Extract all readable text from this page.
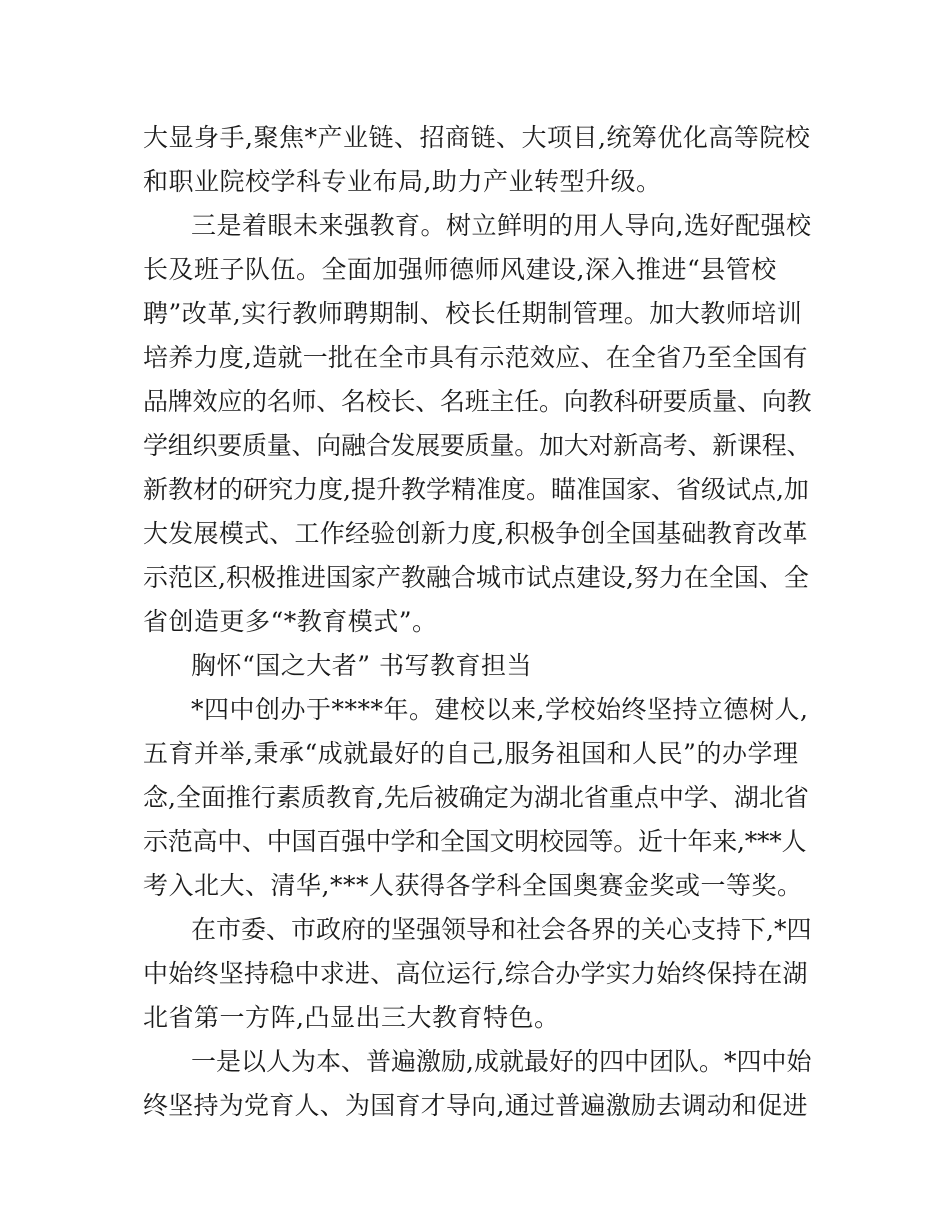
大显身手,聚焦*产业链、招商链、大项目,统筹优化高等院校
和职业院校学科专业布局,助力产业转型升级。
三是着眼未来强教育。树立鲜明的用人导向,选好配强校
长及班子队伍。全面加强师德师风建设,深入推进“县管校
聘”改革,实行教师聘期制、校长任期制管理。加大教师培训
培养力度,造就一批在全市具有示范效应、在全省乃至全国有
品牌效应的名师、名校长、名班主任。向教科研要质量、向教
学组织要质量、向融合发展要质量。加大对新高考、新课程、
新教材的研究力度,提升教学精准度。瞄准国家、省级试点,加
大发展模式、工作经验创新力度,积极争创全国基础教育改革
示范区,积极推进国家产教融合城市试点建设,努力在全国、全
省创造更多“*教育模式”。
胸怀“国之大者” 书写教育担当
*四中创办于****年。建校以来,学校始终坚持立德树人,
五育并举,秉承“成就最好的自己,服务祖国和人民”的办学理
念,全面推行素质教育,先后被确定为湖北省重点中学、湖北省
示范高中、中国百强中学和全国文明校园等。近十年来,***人
考入北大、清华,***人获得各学科全国奥赛金奖或一等奖。
在市委、市政府的坚强领导和社会各界的关心支持下,*四
中始终坚持稳中求进、高位运行,综合办学实力始终保持在湖
北省第一方阵,凸显出三大教育特色。
一是以人为本、普遍激励,成就最好的四中团队。*四中始
终坚持为党育人、为国育才导向,通过普遍激励去调动和促进
